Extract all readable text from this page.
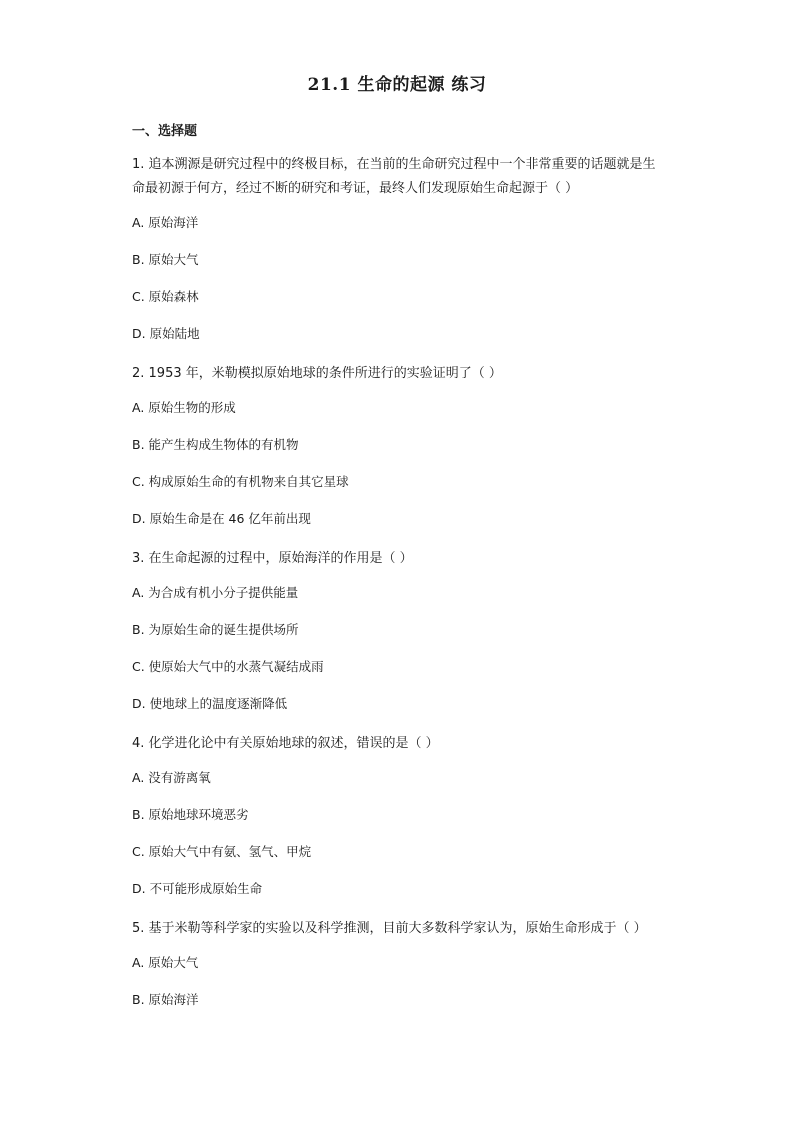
21.1 生命的起源 练习
一、选择题
1. 追本溯源是研究过程中的终极目标，在当前的生命研究过程中一个非常重要的话题就是生命最初源于何方，经过不断的研究和考证，最终人们发现原始生命起源于（ ）
A. 原始海洋
B. 原始大气
C. 原始森林
D. 原始陆地
2. 1953 年，米勒模拟原始地球的条件所进行的实验证明了（ ）
A. 原始生物的形成
B. 能产生构成生物体的有机物
C. 构成原始生命的有机物来自其它星球
D. 原始生命是在 46 亿年前出现
3. 在生命起源的过程中，原始海洋的作用是（ ）
A. 为合成有机小分子提供能量
B. 为原始生命的诞生提供场所
C. 使原始大气中的水蒸气凝结成雨
D. 使地球上的温度逐渐降低
4. 化学进化论中有关原始地球的叙述，错误的是（ ）
A. 没有游离氧
B. 原始地球环境恶劣
C. 原始大气中有氨、氢气、甲烷
D. 不可能形成原始生命
5. 基于米勒等科学家的实验以及科学推测，目前大多数科学家认为，原始生命形成于（ ）
A. 原始大气
B. 原始海洋
